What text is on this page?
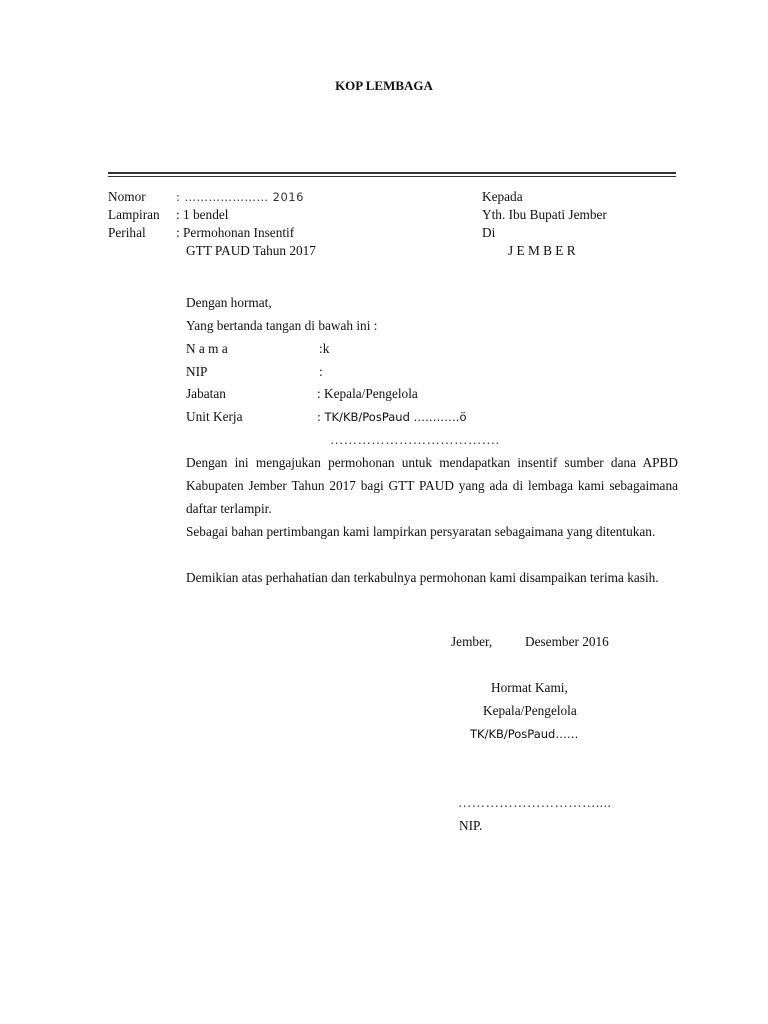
KOP LEMBAGA
Nomor	: ………………… 2016
Lampiran : 1 bendel
Perihal : Permohonan Insentif
GTT PAUD Tahun 2017
Kepada
Yth. Ibu Bupati Jember
Di
J E M B E R
Dengan hormat,
Yang bertanda tangan di bawah ini :
N a m a	:k
NIP	:
Jabatan	: Kepala/Pengelola
Unit Kerja	: TK/KB/PosPaud …………ö
……………………………….
Dengan ini mengajukan permohonan untuk mendapatkan insentif sumber dana APBD Kabupaten Jember Tahun 2017 bagi GTT PAUD yang ada di lembaga kami sebagaimana daftar terlampir.
Sebagai bahan pertimbangan kami lampirkan persyaratan sebagaimana yang ditentukan.
Demikian atas perhahatian dan terkabulnya permohonan kami disampaikan terima kasih.
Jember, Desember 2016
Hormat Kami,
Kepala/Pengelola
TK/KB/PosPaud……
…………………………....
NIP.
